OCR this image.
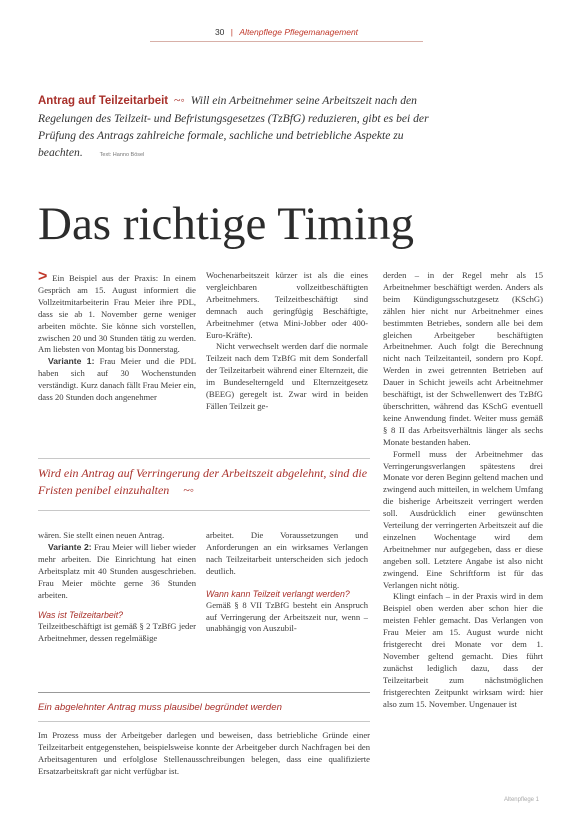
30 | Altenpflege Pflegemanagement
Antrag auf Teilzeitarbeit ~◦ Will ein Arbeitnehmer seine Arbeitszeit nach den Regelungen des Teilzeit- und Befristungsgesetzes (TzBfG) reduzieren, gibt es bei der Prüfung des Antrags zahlreiche formale, sachliche und betriebliche Aspekte zu beachten.	Text: Hanno Bösel
Das richtige Timing

> Ein Beispiel aus der Praxis: In einem Gespräch am 15. August informiert die Vollzeitmitarbeiterin Frau Meier ihre PDL, dass sie ab 1. November gerne weniger arbeiten möchte. Sie könne sich vorstellen, zwischen 20 und 30 Stunden tätig zu werden. Am liebsten von Montag bis Donnerstag.

Variante 1: Frau Meier und die PDL haben sich auf 30 Wochenstunden verständigt. Kurz danach fällt Frau Meier ein, dass 20 Stunden doch angenehmer

Wochenarbeitszeit kürzer ist als die eines vergleichbaren vollzeitbeschäftigten Arbeitnehmers. Teilzeitbeschäftigt sind demnach auch geringfügig Beschäftigte, Arbeitnehmer (etwa Mini-Jobber oder 400-Euro-Kräfte).

Nicht verwechselt werden darf die normale Teilzeit nach dem TzBfG mit dem Sonderfall der Teilzeitarbeit während einer Elternzeit, die im Bundeselterngeld und Elternzeitgesetz (BEEG) geregelt ist. Zwar wird in beiden Fällen Teilzeit ge-

derden – in der Regel mehr als 15 Arbeitnehmer beschäftigt werden. Anders als beim Kündigungsschutzgesetz (KSchG) zählen hier nicht nur Arbeitnehmer eines bestimmten Betriebes, sondern alle bei dem gleichen Arbeitgeber beschäftigten Arbeitnehmer. Auch folgt die Berechnung nicht nach Teilzeitanteil, sondern pro Kopf. Werden in zwei getrennten Betrieben auf Dauer in Schicht jeweils acht Arbeitnehmer beschäftigt, ist der Schwellenwert des TzBfG überschritten, während das KSchG eventuell keine Anwendung findet. Weiter muss gemäß § 8 II das Arbeitsverhältnis länger als sechs Monate bestanden haben.

Formell muss der Arbeitnehmer das Verringerungsverlangen spätestens drei Monate vor deren Beginn geltend machen und zwingend auch mitteilen, in welchem Umfang die bisherige Arbeitszeit verringert werden soll. Ausdrücklich einer gewünschten Verteilung der verringerten Arbeitszeit auf die einzelnen Wochentage wird dem Arbeitnehmer nur aufgegeben, dass er diese angeben soll. Letztere Angabe ist also nicht zwingend. Eine Schriftform ist für das Verlangen nicht nötig.

Klingt einfach – in der Praxis wird in dem Beispiel oben werden aber schon hier die meisten Fehler gemacht. Das Verlangen von Frau Meier am 15. August wurde nicht fristgerecht drei Monate vor dem 1. November geltend gemacht. Dies führt zunächst lediglich dazu, dass der Teilzeitarbeit zum nächstmöglichen fristgerechten Zeitpunkt wirksam wird: hier also zum 15. November. Ungenauer ist

Wird ein Antrag auf Verringerung der Arbeitszeit abgelehnt, sind die Fristen penibel einzuhalten ~◦

wären. Sie stellt einen neuen Antrag.

Variante 2: Frau Meier will lieber wieder mehr arbeiten. Die Einrichtung hat einen Arbeitsplatz mit 40 Stunden ausgeschrieben. Frau Meier möchte gerne 36 Stunden arbeiten.

Was ist Teilzeitarbeit?

Teilzeitbeschäftigt ist gemäß § 2 TzBfG jeder Arbeitnehmer, dessen regelmäßige

arbeitet. Die Voraussetzungen und Anforderungen an ein wirksames Verlangen nach Teilzeitarbeit unterscheiden sich jedoch deutlich.

Wann kann Teilzeit verlangt werden?

Gemäß § 8 VII TzBfG besteht ein Anspruch auf Verringerung der Arbeitszeit nur, wenn – unabhängig von Auszubil-

Ein abgelehnter Antrag muss plausibel begründet werden
Im Prozess muss der Arbeitgeber darlegen und beweisen, dass betriebliche Gründe einer Teilzeitarbeit entgegenstehen, beispielsweise konnte der Arbeitgeber durch Nachfragen bei den Arbeitsagenturen und erfolglose Stellenausschreibungen belegen, dass eine qualifizierte Ersatzarbeitskraft gar nicht verfügbar ist.
Altenpflege 1
